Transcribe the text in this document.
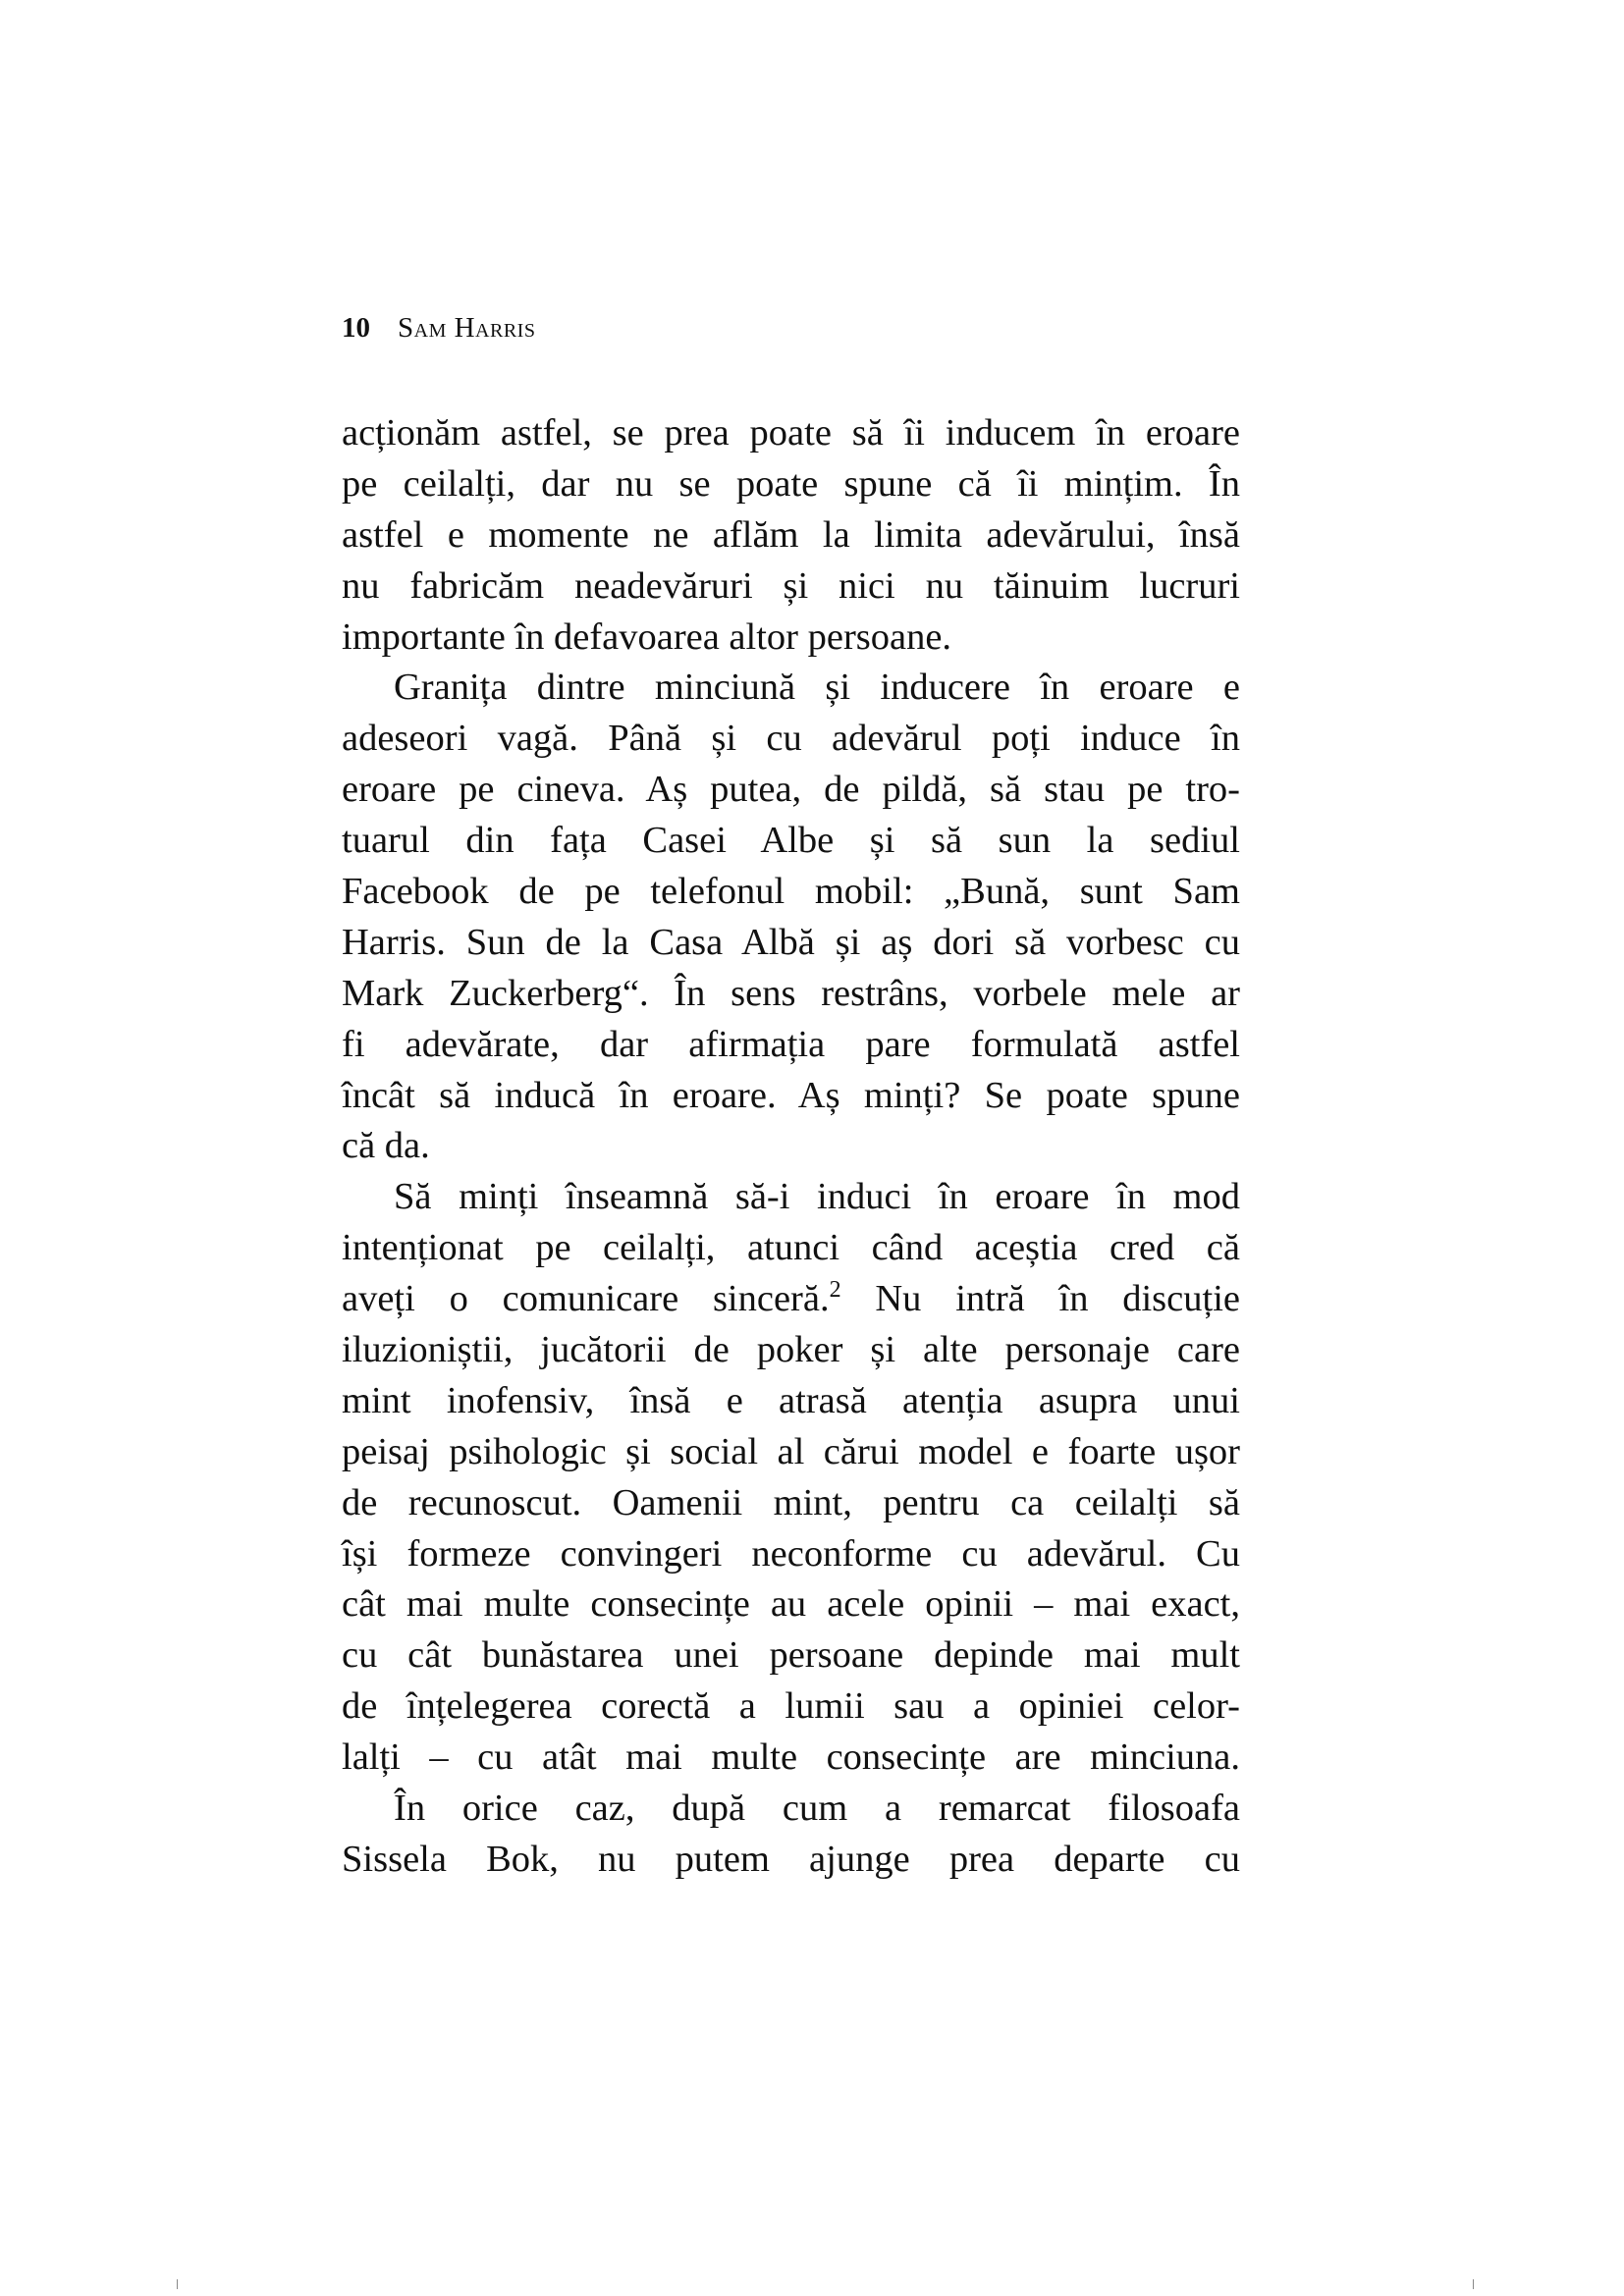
10 Sam Harris
acționăm astfel, se prea poate să îi inducem în eroare
pe ceilalți, dar nu se poate spune că îi mințim. În
astfel e momente ne aflăm la limita adevărului, însă
nu fabricăm neadevăruri și nici nu tăinuim lucruri
importante în defavoarea altor persoane.
Granița dintre minciună și inducere în eroare e
adeseori vagă. Până și cu adevărul poți induce în
eroare pe cineva. Aș putea, de pildă, să stau pe tro-
tuarul din fața Casei Albe și să sun la sediul
Facebook de pe telefonul mobil: „Bună, sunt Sam
Harris. Sun de la Casa Albă și aș dori să vorbesc cu
Mark Zuckerberg“. În sens restrâns, vorbele mele ar
fi adevărate, dar afirmația pare formulată astfel
încât să inducă în eroare. Aș minți? Se poate spune
că da.
Să minți înseamnă să-i induci în eroare în mod
intenționat pe ceilalți, atunci când aceștia cred că
aveți o comunicare sinceră.$^2$ Nu intră în discuție
iluzioniștii, jucătorii de poker și alte personaje care
mint inofensiv, însă e atrasă atenția asupra unui
peisaj psihologic și social al cărui model e foarte ușor
de recunoscut. Oamenii mint, pentru ca ceilalți să
își formeze convingeri neconforme cu adevărul. Cu
cât mai multe consecințe au acele opinii – mai exact,
cu cât bunăstarea unei persoane depinde mai mult
de înțelegerea corectă a lumii sau a opiniei celor-
lalți – cu atât mai multe consecințe are minciuna.
În orice caz, după cum a remarcat filosoafa
Sissela Bok, nu putem ajunge prea departe cu
